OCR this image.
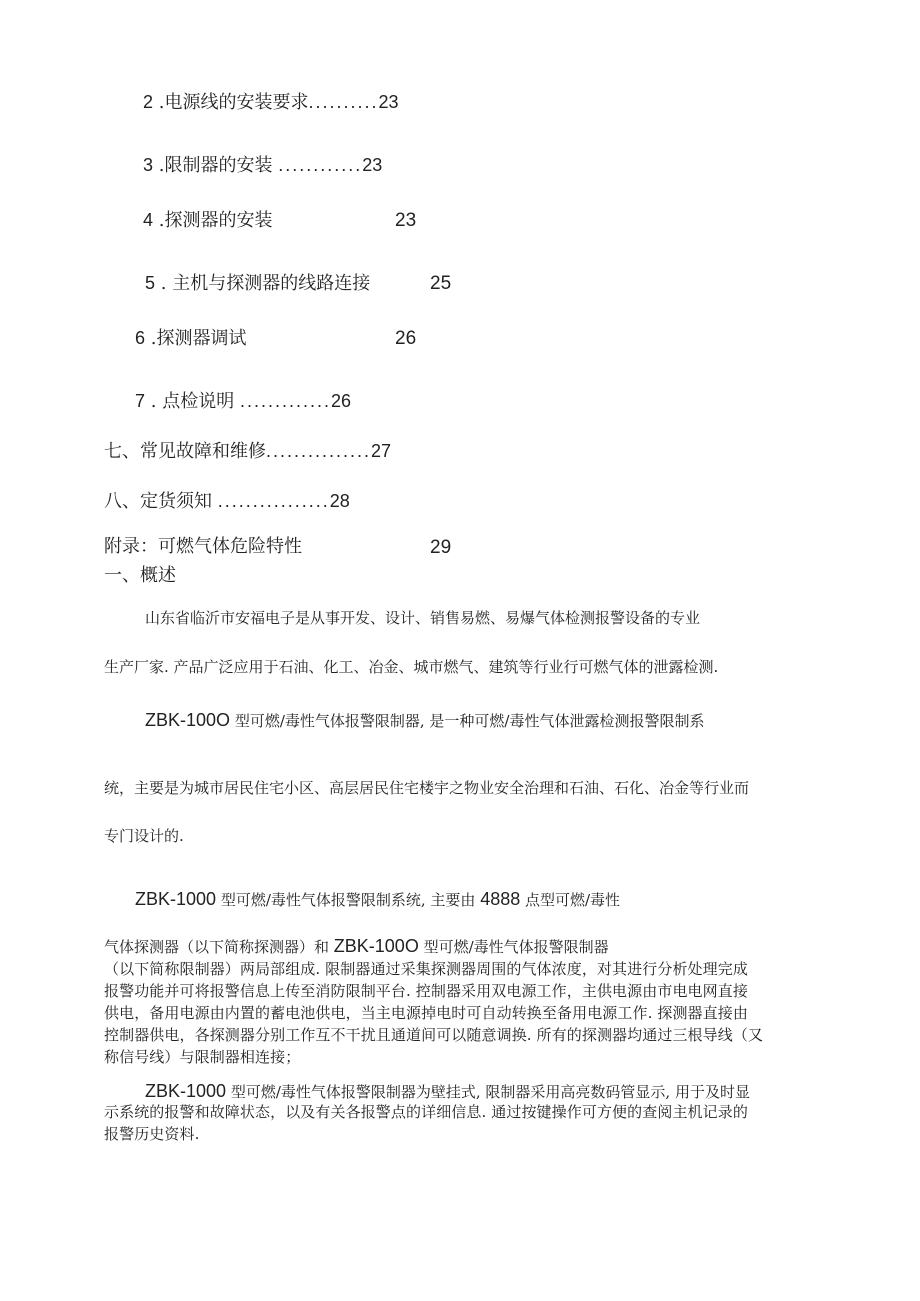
2 .电源线的安装要求..........23
3 .限制器的安装 ............23
4 .探测器的安装	23
5 . 主机与探测器的线路连接	25
6 .探测器调试	26
7 . 点检说明 .............26
七、常见故障和维修...............27
八、定货须知 ................28
附录：可燃气体危险特性	29
一、概述
山东省临沂市安福电子是从事开发、设计、销售易燃、易爆气体检测报警设备的专业
生产厂家. 产品广泛应用于石油、化工、冶金、城市燃气、建筑等行业行可燃气体的泄露检测.
ZBK-100O 型可燃/毒性气体报警限制器, 是一种可燃/毒性气体泄露检测报警限制系
统，主要是为城市居民住宅小区、高层居民住宅楼宇之物业安全治理和石油、石化、冶金等行业而
专门设计的.
ZBK-1000 型可燃/毒性气体报警限制系统, 主要由 4888 点型可燃/毒性
气体探测器（以下简称探测器）和 ZBK-100O 型可燃/毒性气体报警限制器
（以下简称限制器）两局部组成. 限制器通过采集探测器周围的气体浓度，对其进行分析处理完成
报警功能并可将报警信息上传至消防限制平台. 控制器采用双电源工作，主供电源由市电电网直接
供电，备用电源由内置的蓄电池供电，当主电源掉电时可自动转换至备用电源工作. 探测器直接由
控制器供电，各探测器分别工作互不干扰且通道间可以随意调换. 所有的探测器均通过三根导线（又
称信号线）与限制器相连接；
ZBK-1000 型可燃/毒性气体报警限制器为壁挂式, 限制器采用高亮数码管显示, 用于及时显
示系统的报警和故障状态，以及有关各报警点的详细信息. 通过按键操作可方便的查阅主机记录的
报警历史资料.
